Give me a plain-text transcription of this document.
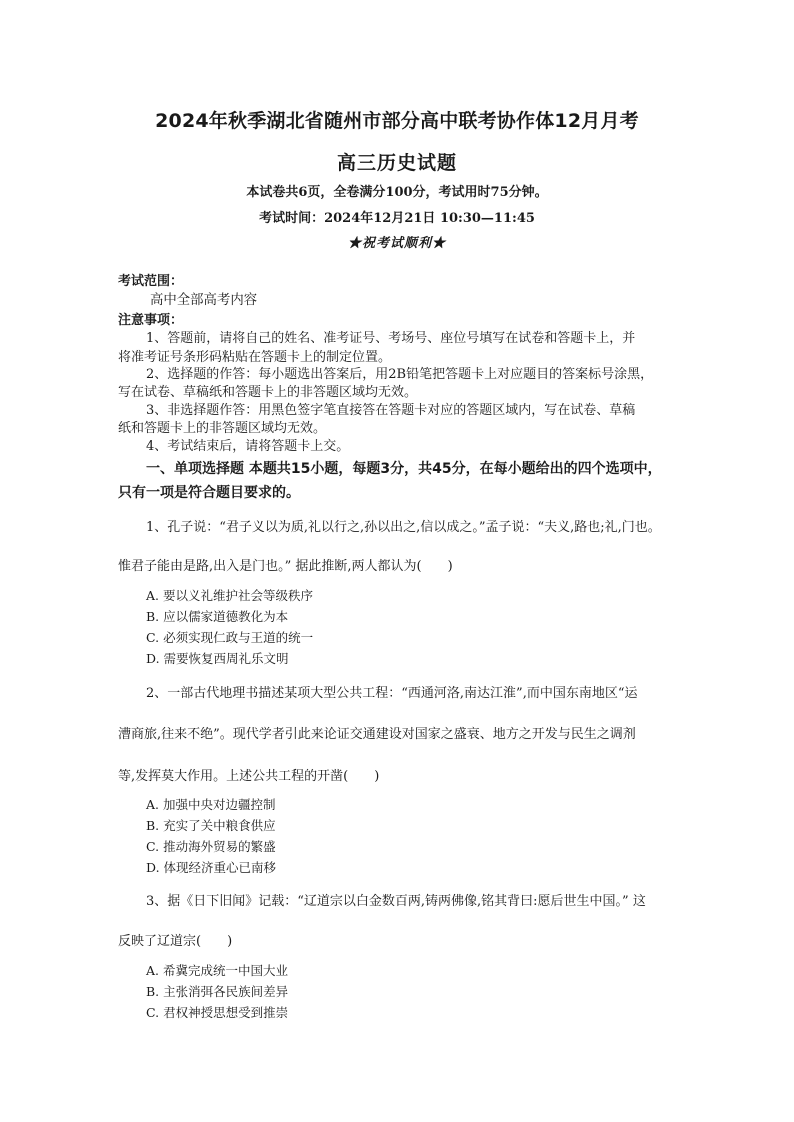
2024年秋季湖北省随州市部分高中联考协作体12月月考
高三历史试题
本试卷共6页，全卷满分100分，考试用时75分钟。
考试时间：2024年12月21日 10:30—11:45
★祝考试顺利★
考试范围：
高中全部高考内容
注意事项：
1、答题前，请将自己的姓名、准考证号、考场号、座位号填写在试卷和答题卡上，并
将准考证号条形码粘贴在答题卡上的制定位置。
2、选择题的作答：每小题选出答案后，用2B铅笔把答题卡上对应题目的答案标号涂黑，
写在试卷、草稿纸和答题卡上的非答题区域均无效。
3、非选择题作答：用黑色签字笔直接答在答题卡对应的答题区域内，写在试卷、草稿
纸和答题卡上的非答题区域均无效。
4、考试结束后，请将答题卡上交。
一、单项选择题 本题共15小题，每题3分，共45分，在每小题给出的四个选项中，
只有一项是符合题目要求的。
1、孔子说：“君子义以为质,礼以行之,孙以出之,信以成之。”孟子说：“夫义,路也;礼,门也。
惟君子能由是路,出入是门也。” 据此推断,两人都认为(　　)
A. 要以义礼维护社会等级秩序
B. 应以儒家道德教化为本
C. 必须实现仁政与王道的统一
D. 需要恢复西周礼乐文明
2、一部古代地理书描述某项大型公共工程：“西通河洛,南达江淮”,而中国东南地区“运
漕商旅,往来不绝”。现代学者引此来论证交通建设对国家之盛衰、地方之开发与民生之调剂
等,发挥莫大作用。上述公共工程的开凿(　　)
A. 加强中央对边疆控制
B. 充实了关中粮食供应
C. 推动海外贸易的繁盛
D. 体现经济重心已南移
3、据《日下旧闻》记载：“辽道宗以白金数百两,铸两佛像,铭其背曰:愿后世生中国。” 这
反映了辽道宗(　　)
A. 希冀完成统一中国大业
B. 主张消弭各民族间差异
C. 君权神授思想受到推崇
